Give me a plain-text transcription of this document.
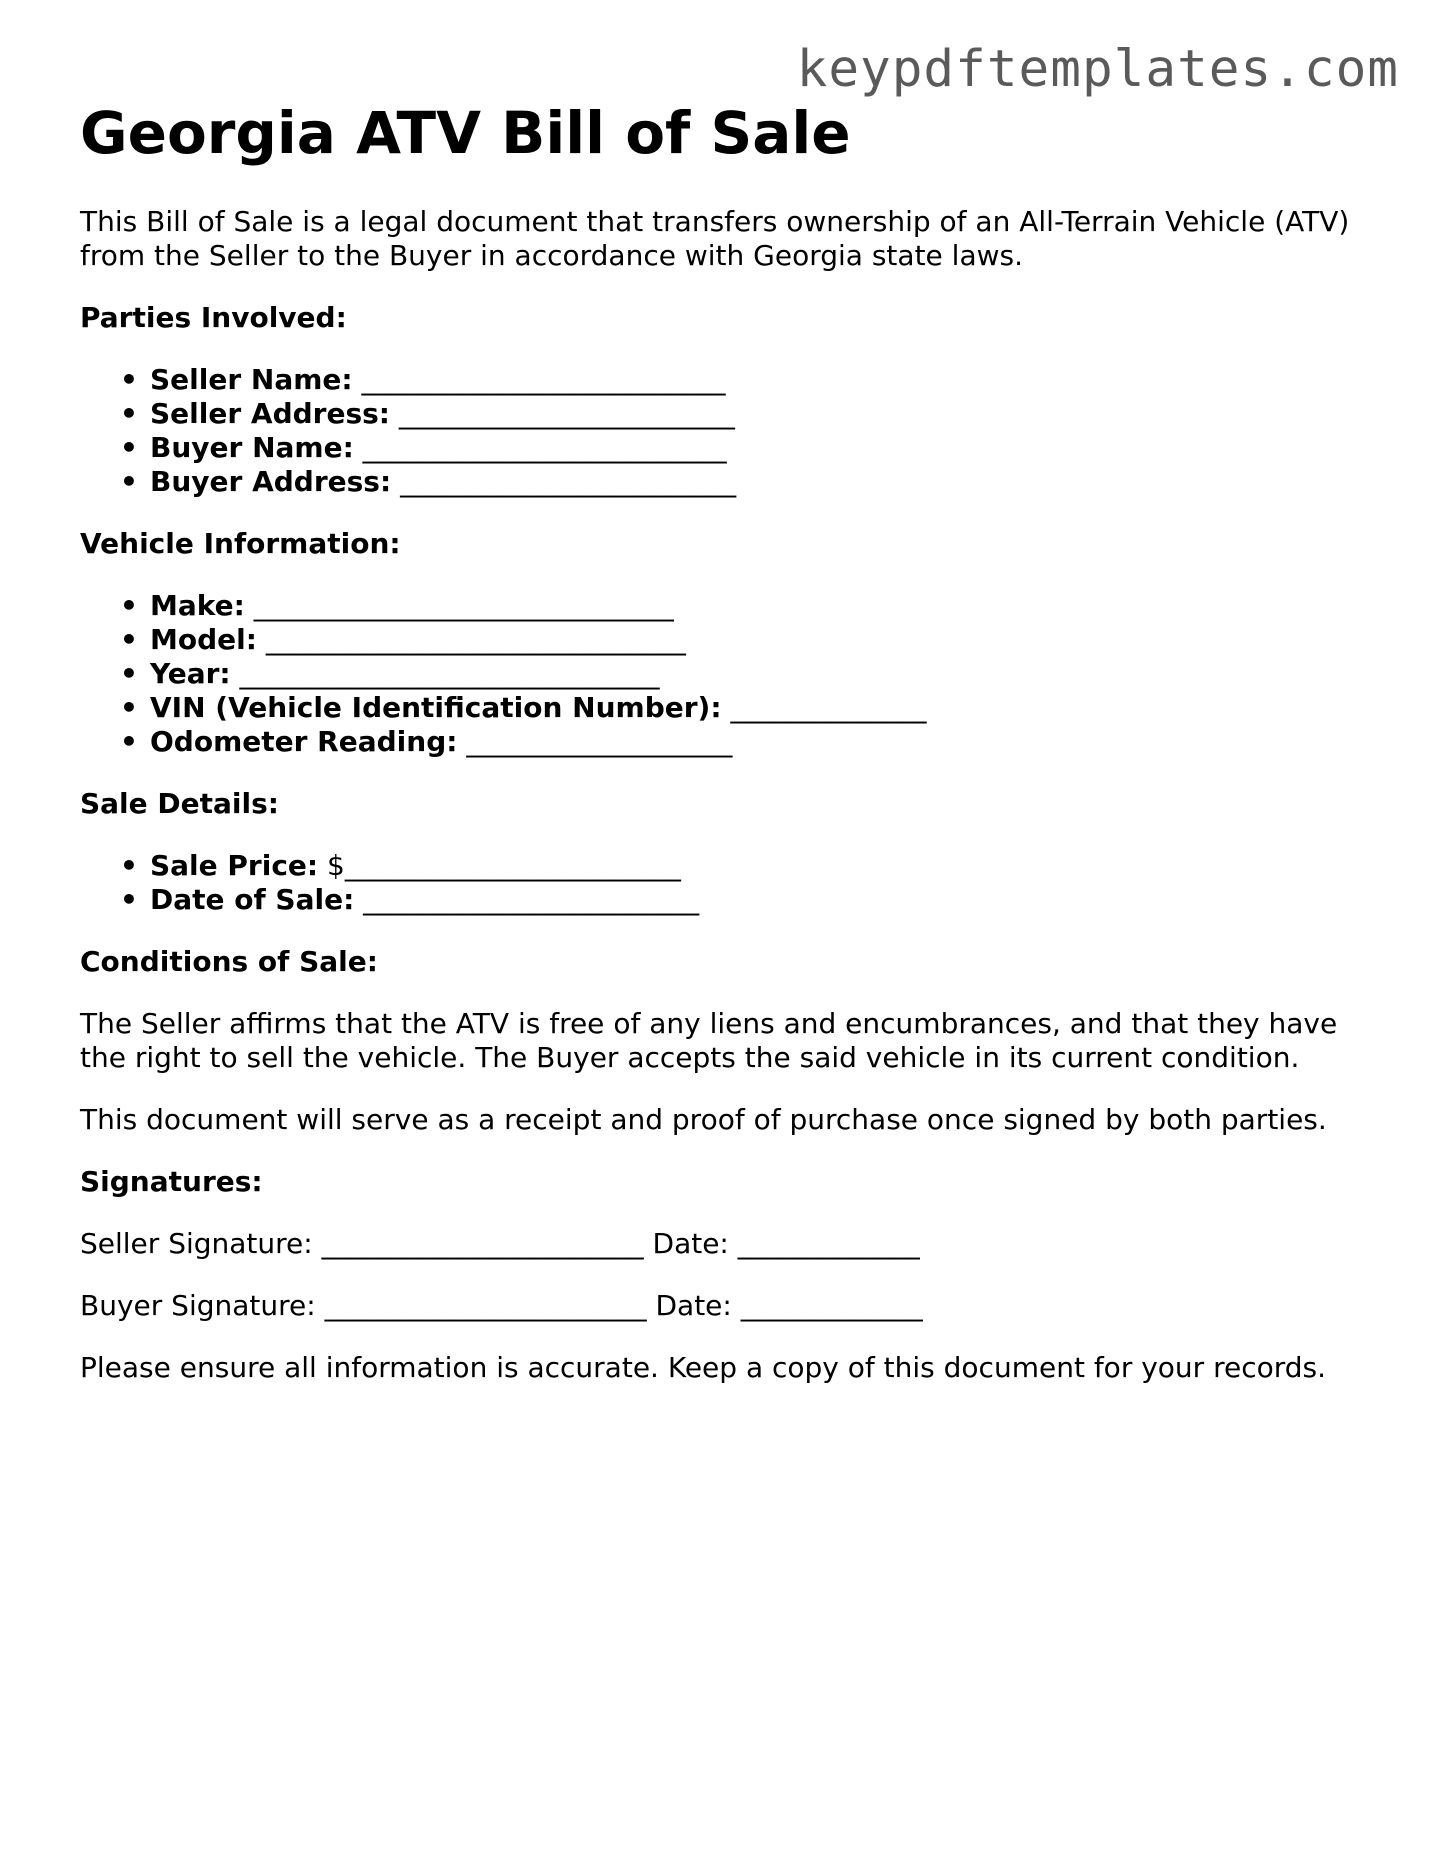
keypdftemplates.com
Georgia ATV Bill of Sale

This Bill of Sale is a legal document that transfers ownership of an All-Terrain Vehicle (ATV) from the Seller to the Buyer in accordance with Georgia state laws.

Parties Involved:
• Seller Name: __________________________
• Seller Address: ________________________
• Buyer Name: __________________________
• Buyer Address: ________________________
Vehicle Information:
• Make: ______________________________
• Model: ______________________________
• Year: ______________________________
• VIN (Vehicle Identification Number): ______________
• Odometer Reading: ___________________
Sale Details:
• Sale Price: $________________________
• Date of Sale: ________________________
Conditions of Sale:

The Seller affirms that the ATV is free of any liens and encumbrances, and that they have the right to sell the vehicle. The Buyer accepts the said vehicle in its current condition.

This document will serve as a receipt and proof of purchase once signed by both parties.

Signatures:

Seller Signature: _______________________ Date: _____________

Buyer Signature: _______________________ Date: _____________

Please ensure all information is accurate. Keep a copy of this document for your records.
